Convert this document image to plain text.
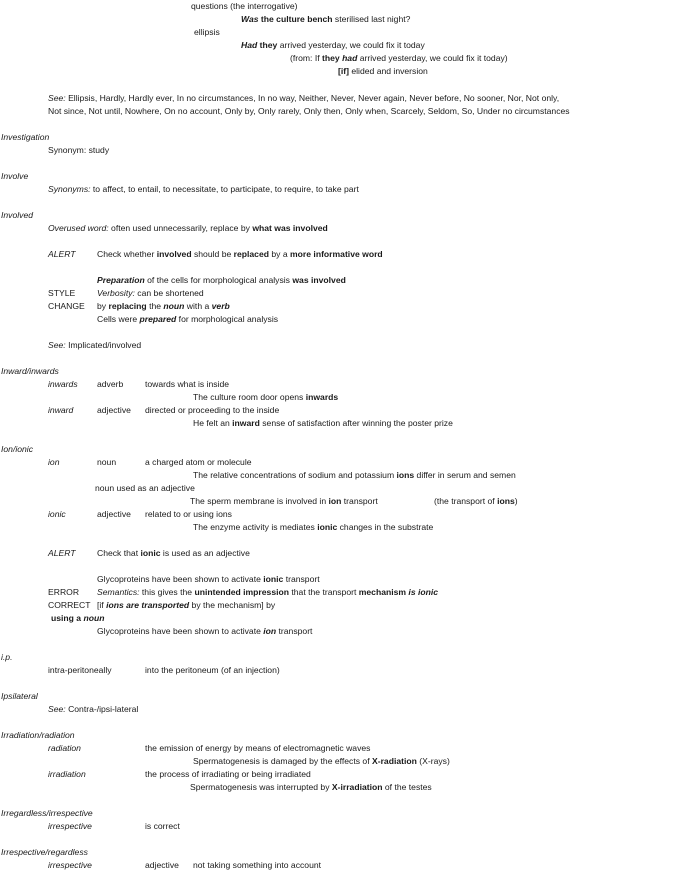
questions (the interrogative)
Was the culture bench sterilised last night?
ellipsis
Had they arrived yesterday, we could fix it today
(from: If they had arrived yesterday, we could fix it today)
[if] elided and inversion
See: Ellipsis, Hardly, Hardly ever, In no circumstances, In no way, Neither, Never, Never again, Never before, No sooner, Nor, Not only,
Not since, Not until, Nowhere, On no account, Only by, Only rarely, Only then, Only when, Scarcely, Seldom, So, Under no circumstances
Investigation
Synonym: study
Involve
Synonyms: to affect, to entail, to necessitate, to participate, to require, to take part
Involved
Overused word: often used unnecessarily, replace by what was involved
ALERT Check whether involved should be replaced by a more informative word
Preparation of the cells for morphological analysis was involved
STYLE	Verbosity: can be shortened
CHANGE by replacing the noun with a verb
Cells were prepared for morphological analysis
See: Implicated/involved
Inward/inwards
inwards adverb	towards what is inside
The culture room door opens inwards
inward	adjective directed or proceeding to the inside
He felt an inward sense of satisfaction after winning the poster prize
Ion/ionic
ion	noun	a charged atom or molecule
The relative concentrations of sodium and potassium ions differ in serum and semen
noun used as an adjective
The sperm membrane is involved in ion transport	(the transport of ions)
ionic	adjective related to or using ions
The enzyme activity is mediates ionic changes in the substrate
ALERT Check that ionic is used as an adjective
Glycoproteins have been shown to activate ionic transport
ERROR Semantics: this gives the unintended impression that the transport mechanism is ionic
CORRECT [if ions are transported by the mechanism] by
using a noun
Glycoproteins have been shown to activate ion transport
i.p.
intra-peritoneally	into the peritoneum (of an injection)
Ipsilateral
See: Contra-/ipsi-lateral
Irradiation/radiation
radiation	the emission of energy by means of electromagnetic waves
Spermatogenesis is damaged by the effects of X-radiation (X-rays)
irradiation	the process of irradiating or being irradiated
Spermatogenesis was interrupted by X-irradiation of the testes
Irregardless/irrespective
irrespective	is correct
Irrespective/regardless
irrespective	adjective not taking something into account
